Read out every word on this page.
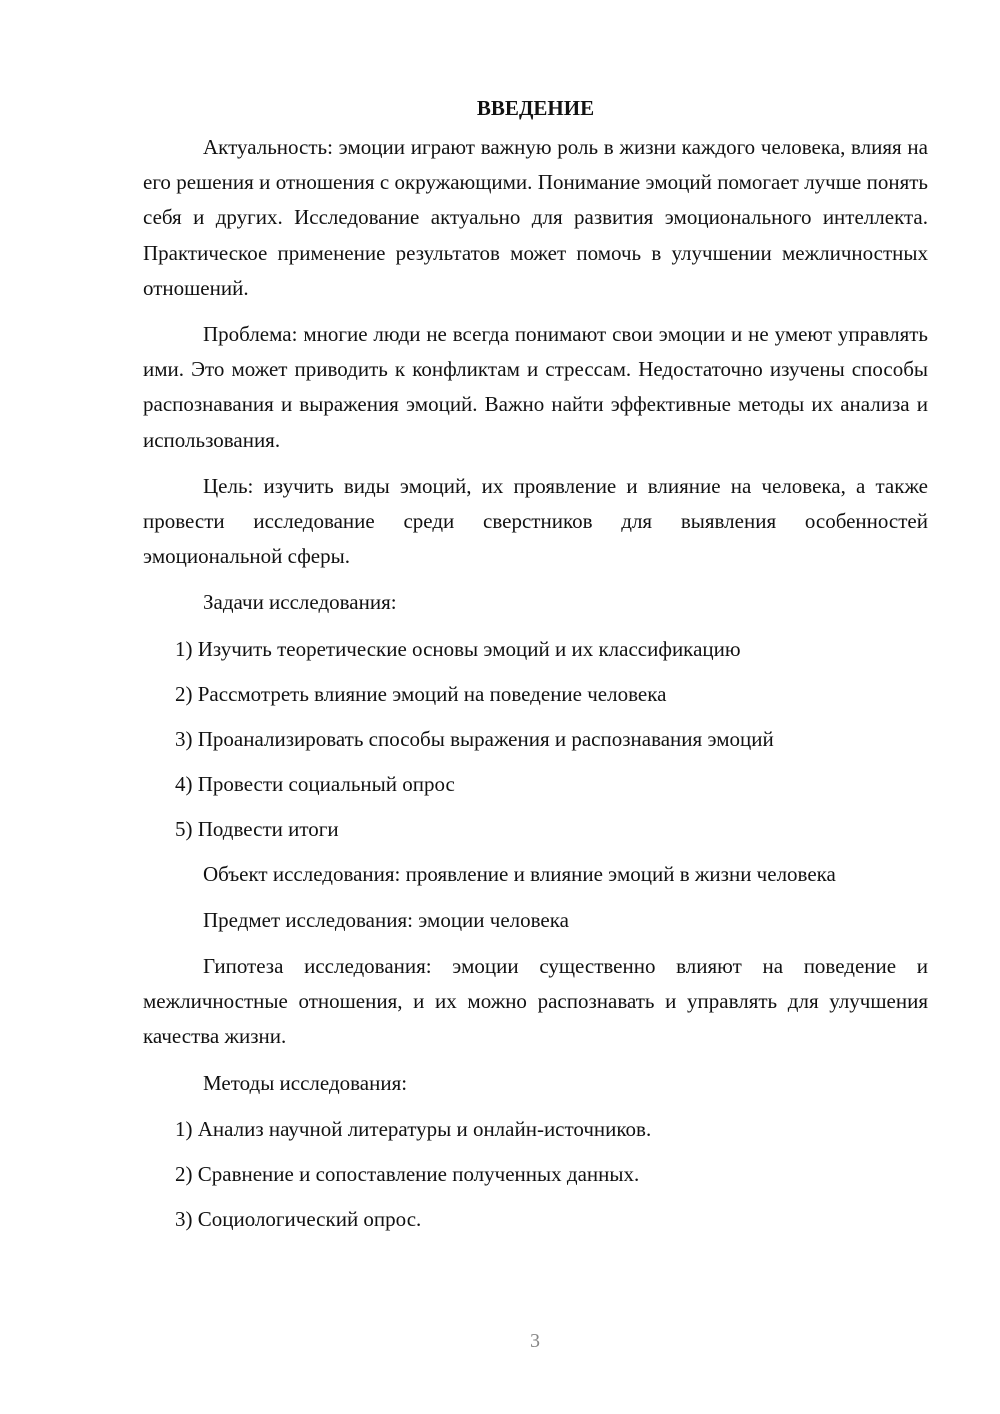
ВВЕДЕНИЕ

Актуальность: эмоции играют важную роль в жизни каждого человека, влияя на его решения и отношения с окружающими. Понимание эмоций помогает лучше понять себя и других. Исследование актуально для развития эмоционального интеллекта. Практическое применение результатов может помочь в улучшении межличностных отношений.

Проблема: многие люди не всегда понимают свои эмоции и не умеют управлять ими. Это может приводить к конфликтам и стрессам. Недостаточно изучены способы распознавания и выражения эмоций. Важно найти эффективные методы их анализа и использования.

Цель: изучить виды эмоций, их проявление и влияние на человека, а также провести исследование среди сверстников для выявления особенностей эмоциональной сферы.

Задачи исследования:

1) Изучить теоретические основы эмоций и их классификацию
2) Рассмотреть влияние эмоций на поведение человека
3) Проанализировать способы выражения и распознавания эмоций
4) Провести социальный опрос
5) Подвести итоги

Объект исследования: проявление и влияние эмоций в жизни человека

Предмет исследования: эмоции человека

Гипотеза исследования: эмоции существенно влияют на поведение и межличностные отношения, и их можно распознавать и управлять для улучшения качества жизни.

Методы исследования:

1) Анализ научной литературы и онлайн-источников.
2) Сравнение и сопоставление полученных данных.
3) Социологический опрос.
3
